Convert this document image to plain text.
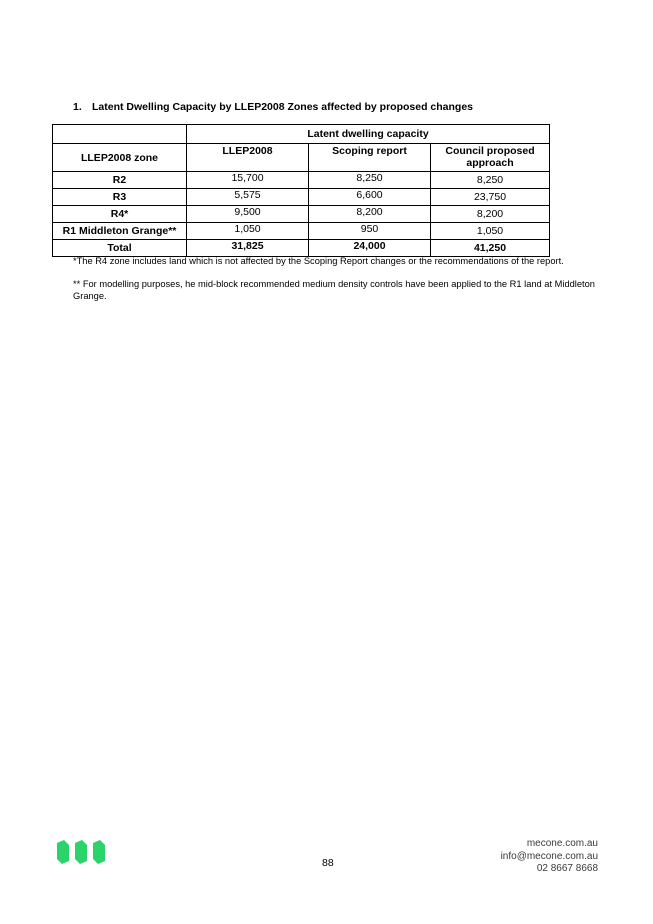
1. Latent Dwelling Capacity by LLEP2008 Zones affected by proposed changes
	Latent dwelling capacity		
LLEP2008 zone	LLEP2008	Scoping report	Council proposed approach
R2	15,700	8,250	8,250
R3	5,575	6,600	23,750
R4*	9,500	8,200	8,200
R1 Middleton Grange**	1,050	950	1,050
Total	31,825	24,000	41,250
*The R4 zone includes land which is not affected by the Scoping Report changes or the recommendations of the report.
** For modelling purposes, he mid-block recommended medium density controls have been applied to the R1 land at Middleton Grange.
88
mecone.com.au
info@mecone.com.au
02 8667 8668
